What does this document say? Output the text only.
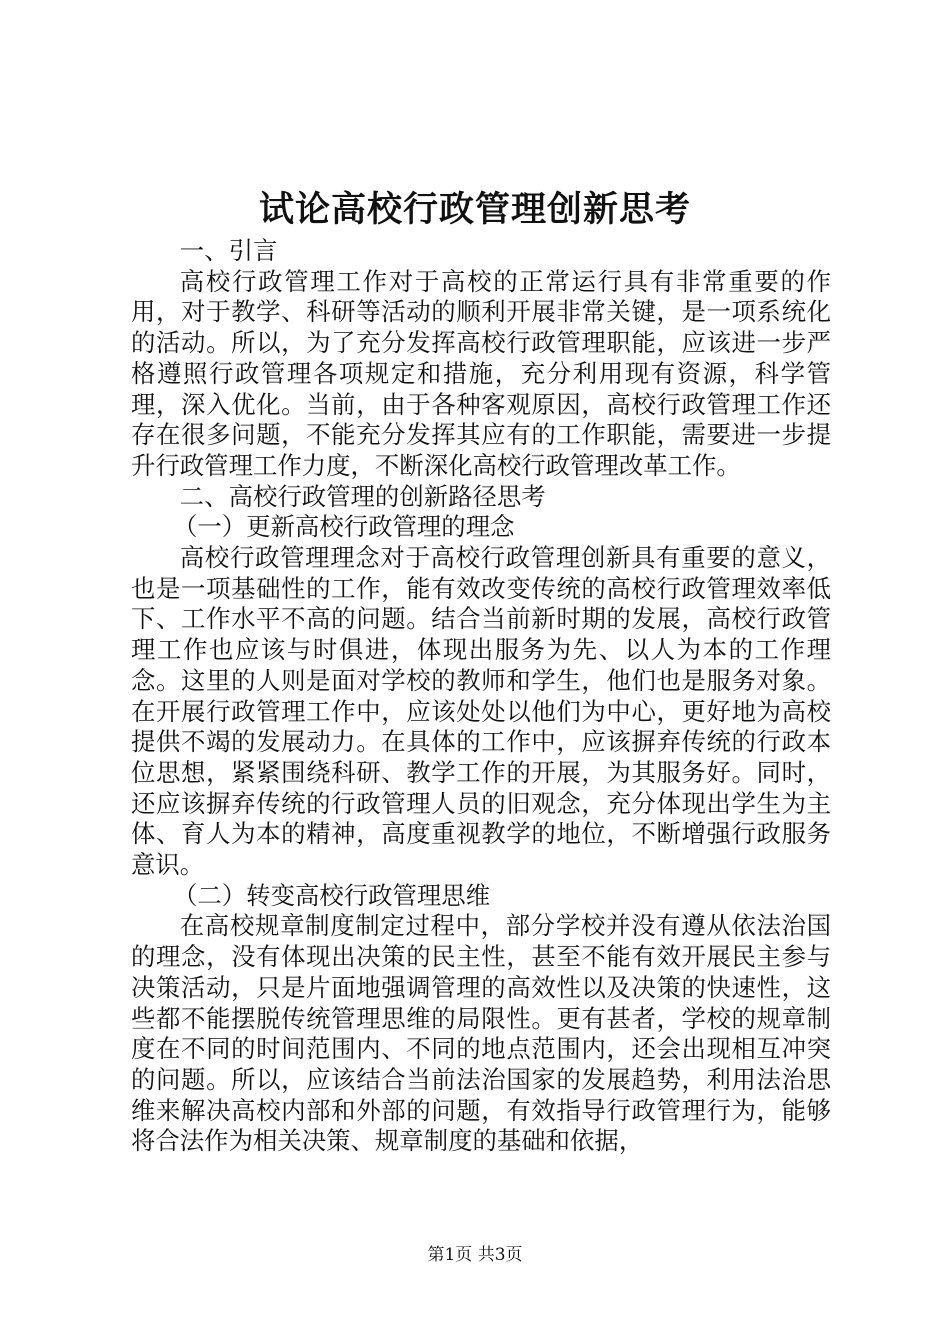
试论高校行政管理创新思考

一、引言

高校行政管理工作对于高校的正常运行具有非常重要的作用，对于教学、科研等活动的顺利开展非常关键，是一项系统化的活动。所以，为了充分发挥高校行政管理职能，应该进一步严格遵照行政管理各项规定和措施，充分利用现有资源，科学管理，深入优化。当前，由于各种客观原因，高校行政管理工作还存在很多问题，不能充分发挥其应有的工作职能，需要进一步提升行政管理工作力度，不断深化高校行政管理改革工作。

二、高校行政管理的创新路径思考

（一）更新高校行政管理的理念

高校行政管理理念对于高校行政管理创新具有重要的意义，也是一项基础性的工作，能有效改变传统的高校行政管理效率低下、工作水平不高的问题。结合当前新时期的发展，高校行政管理工作也应该与时俱进，体现出服务为先、以人为本的工作理念。这里的人则是面对学校的教师和学生，他们也是服务对象。在开展行政管理工作中，应该处处以他们为中心，更好地为高校提供不竭的发展动力。在具体的工作中，应该摒弃传统的行政本位思想，紧紧围绕科研、教学工作的开展，为其服务好。同时，还应该摒弃传统的行政管理人员的旧观念，充分体现出学生为主体、育人为本的精神，高度重视教学的地位，不断增强行政服务意识。

（二）转变高校行政管理思维

在高校规章制度制定过程中，部分学校并没有遵从依法治国的理念，没有体现出决策的民主性，甚至不能有效开展民主参与决策活动，只是片面地强调管理的高效性以及决策的快速性，这些都不能摆脱传统管理思维的局限性。更有甚者，学校的规章制度在不同的时间范围内、不同的地点范围内，还会出现相互冲突的问题。所以，应该结合当前法治国家的发展趋势，利用法治思维来解决高校内部和外部的问题，有效指导行政管理行为，能够将合法作为相关决策、规章制度的基础和依据，

第1页 共3页
